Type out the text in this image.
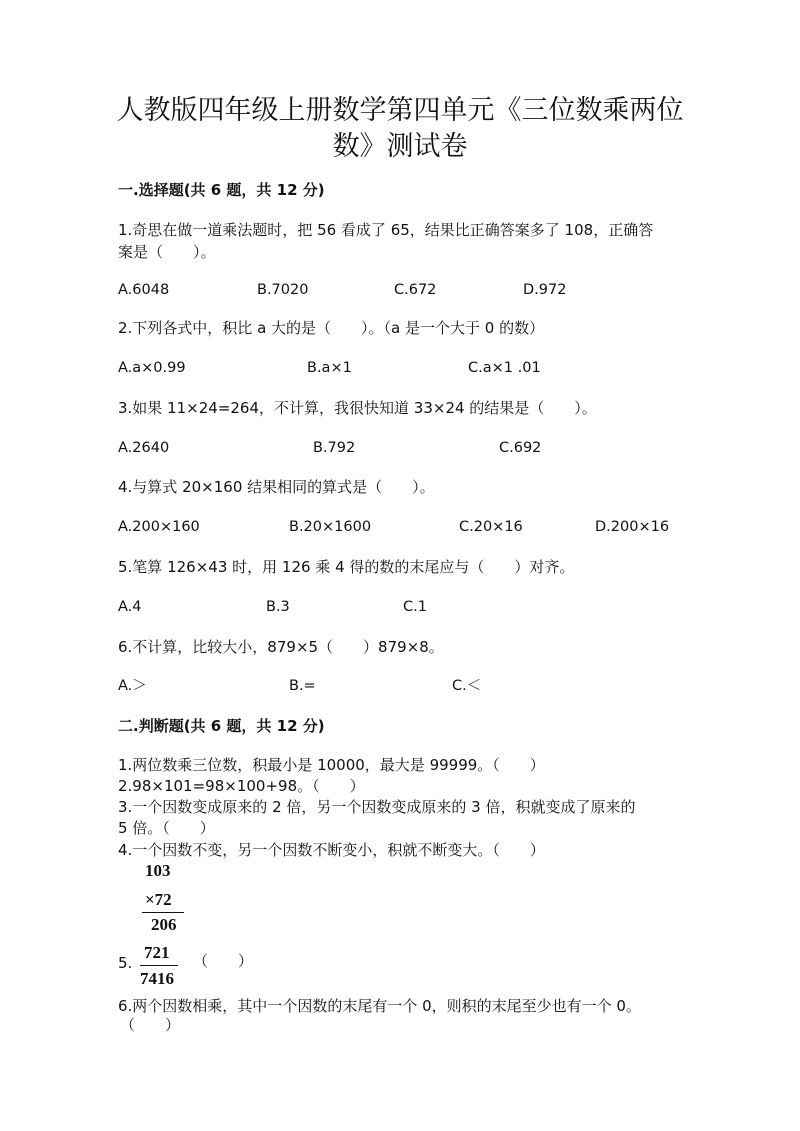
人教版四年级上册数学第四单元《三位数乘两位
数》测试卷
一.选择题(共 6 题，共 12 分)
1.奇思在做一道乘法题时，把 56 看成了 65，结果比正确答案多了 108，正确答
案是（　　）。
A.6048	B.7020	C.672	D.972
2.下列各式中，积比 a 大的是（　　）。（a 是一个大于 0 的数）
A.a×0.99	B.a×1	C.a×1 .01
3.如果 11×24=264，不计算，我很快知道 33×24 的结果是（　　）。
A.2640	B.792	C.692
4.与算式 20×160 结果相同的算式是（　　）。
A.200×160	B.20×1600	C.20×16	D.200×16
5.笔算 126×43 时，用 126 乘 4 得的数的末尾应与（　　）对齐。
A.4	B.3	C.1
6.不计算，比较大小，879×5（　　）879×8。
A.＞	B.=	C.＜
二.判断题(共 6 题，共 12 分)
1.两位数乘三位数，积最小是 10000，最大是 99999。（　　）
2.98×101=98×100+98。（　　）
3.一个因数变成原来的 2 倍，另一个因数变成原来的 3 倍，积就变成了原来的
5 倍。（　　）
4.一个因数不变，另一个因数不断变小，积就不断变大。（　　）
103
×72
206
721
7416
5.	（　　）
6.两个因数相乘，其中一个因数的末尾有一个 0，则积的末尾至少也有一个 0。
（　　）
